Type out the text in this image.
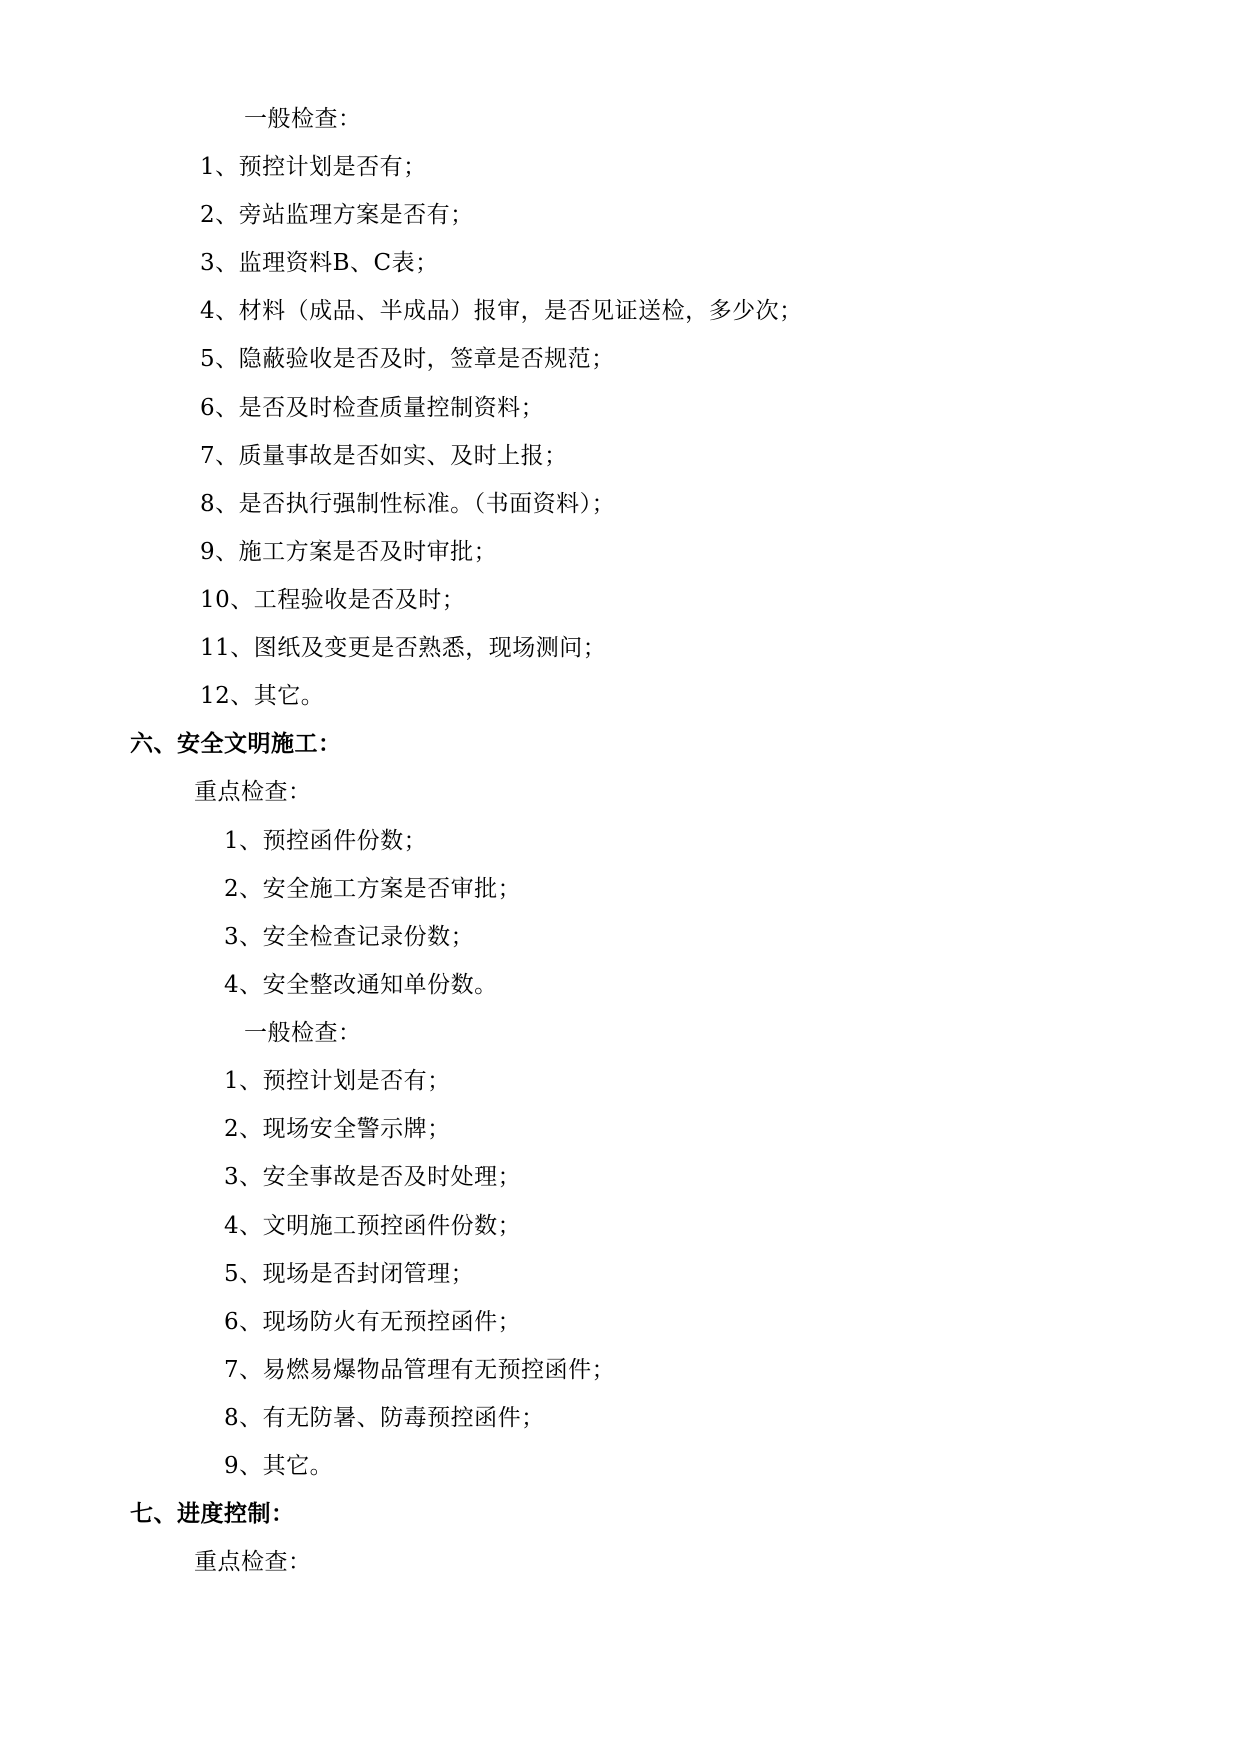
一般检查：
1、预控计划是否有；
2、旁站监理方案是否有；
3、监理资料B、C表；
4、材料（成品、半成品）报审，是否见证送检，多少次；
5、隐蔽验收是否及时，签章是否规范；
6、是否及时检查质量控制资料；
7、质量事故是否如实、及时上报；
8、是否执行强制性标准。（书面资料）；
9、施工方案是否及时审批；
10、工程验收是否及时；
11、图纸及变更是否熟悉，现场测问；
12、其它。
六、安全文明施工：
重点检查：
1、预控函件份数；
2、安全施工方案是否审批；
3、安全检查记录份数；
4、安全整改通知单份数。
一般检查：
1、预控计划是否有；
2、现场安全警示牌；
3、安全事故是否及时处理；
4、文明施工预控函件份数；
5、现场是否封闭管理；
6、现场防火有无预控函件；
7、易燃易爆物品管理有无预控函件；
8、有无防暑、防毒预控函件；
9、其它。
七、进度控制：
重点检查：
